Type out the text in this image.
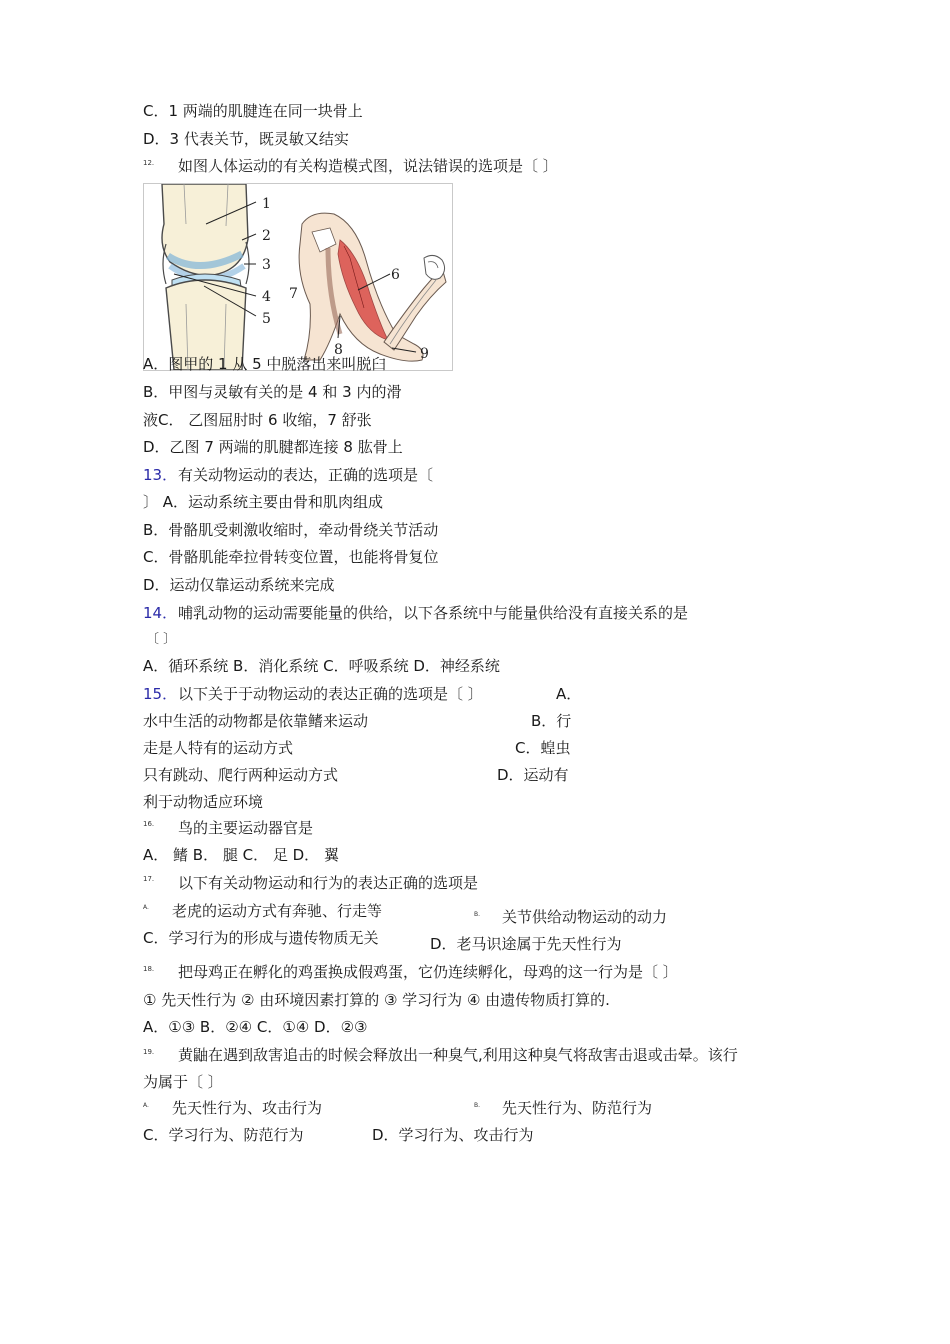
C．1 两端的肌腱连在同一块骨上
D．3 代表关节，既灵敏又结实
12. 如图人体运动的有关构造模式图，说法错误的选项是〔 〕
1
2
3
4
5
6
7
8	9
A．图甲的 1 从 5 中脱落出来叫脱臼
B．甲图与灵敏有关的是 4 和 3 内的滑
液C． 乙图屈肘时 6 收缩，7 舒张
D．乙图 7 两端的肌腱都连接 8 肱骨上
13． 有关动物运动的表达，正确的选项是〔
〕 A．运动系统主要由骨和肌肉组成
B．骨骼肌受刺激收缩时，牵动骨绕关节活动
C．骨骼肌能牵拉骨转变位置，也能将骨复位
D．运动仅靠运动系统来完成
14． 哺乳动物的运动需要能量的供给，以下各系统中与能量供给没有直接关系的是
〔 〕
A．循环系统 B．消化系统 C．呼吸系统 D．神经系统
15． 以下关于于动物运动的表达正确的选项是〔 〕	A．
水中生活的动物都是依靠鳍来运动	B．行
走是人特有的运动方式	C．蝗虫
只有跳动、爬行两种运动方式	D．运动有
利于动物适应环境
16. 鸟的主要运动器官是
A． 鳍 B． 腿 C． 足 D． 翼
17. 以下有关动物运动和行为的表达正确的选项是
A. 老虎的运动方式有奔驰、行走等	B. 关节供给动物运动的动力
C．学习行为的形成与遗传物质无关	D．老马识途属于先天性行为
18. 把母鸡正在孵化的鸡蛋换成假鸡蛋，它仍连续孵化，母鸡的这一行为是〔 〕
① 先天性行为 ② 由环境因素打算的 ③ 学习行为 ④ 由遗传物质打算的.
A．①③ B．②④ C．①④ D．②③
19. 黄鼬在遇到敌害追击的时候会释放出一种臭气,利用这种臭气将敌害击退或击晕。该行
为属于〔 〕
A. 先天性行为、攻击行为	B. 先天性行为、防范行为
C．学习行为、防范行为	D．学习行为、攻击行为
